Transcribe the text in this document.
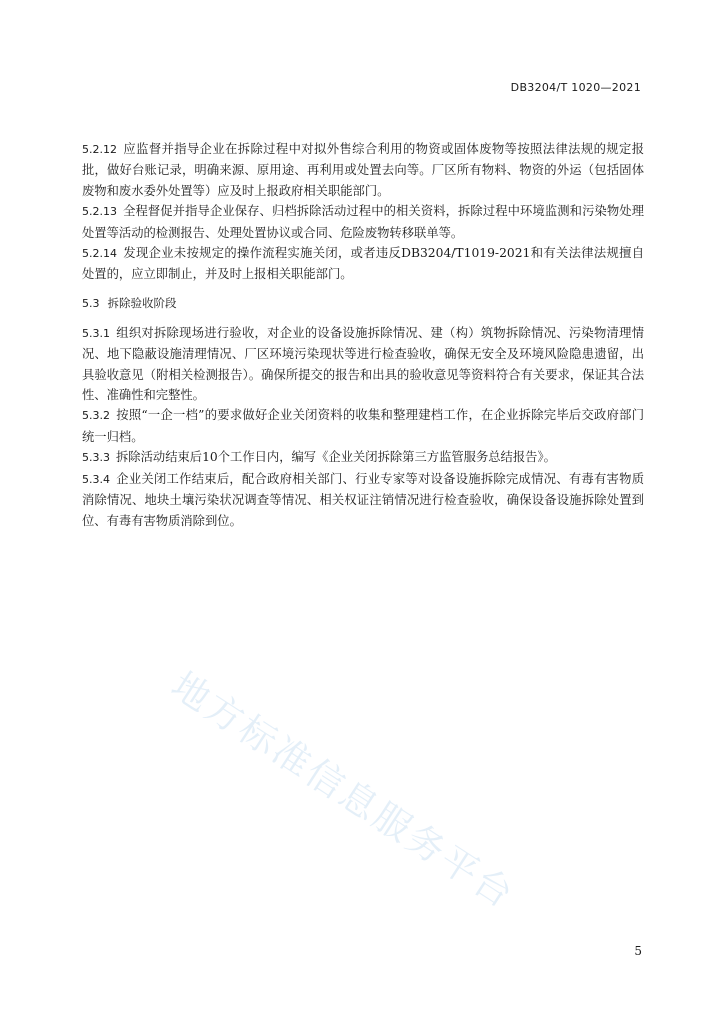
DB3204/T 1020—2021

5.2.12 应监督并指导企业在拆除过程中对拟外售综合利用的物资或固体废物等按照法律法规的规定报批，做好台账记录，明确来源、原用途、再利用或处置去向等。厂区所有物料、物资的外运（包括固体废物和废水委外处置等）应及时上报政府相关职能部门。

5.2.13 全程督促并指导企业保存、归档拆除活动过程中的相关资料，拆除过程中环境监测和污染物处理处置等活动的检测报告、处理处置协议或合同、危险废物转移联单等。

5.2.14 发现企业未按规定的操作流程实施关闭，或者违反DB3204/T1019-2021和有关法律法规擅自处置的，应立即制止，并及时上报相关职能部门。

5.3 拆除验收阶段

5.3.1 组织对拆除现场进行验收，对企业的设备设施拆除情况、建（构）筑物拆除情况、污染物清理情况、地下隐蔽设施清理情况、厂区环境污染现状等进行检查验收，确保无安全及环境风险隐患遗留，出具验收意见（附相关检测报告）。确保所提交的报告和出具的验收意见等资料符合有关要求，保证其合法性、准确性和完整性。

5.3.2 按照“一企一档”的要求做好企业关闭资料的收集和整理建档工作，在企业拆除完毕后交政府部门统一归档。

5.3.3 拆除活动结束后10个工作日内，编写《企业关闭拆除第三方监管服务总结报告》。

5.3.4 企业关闭工作结束后，配合政府相关部门、行业专家等对设备设施拆除完成情况、有毒有害物质消除情况、地块土壤污染状况调查等情况、相关权证注销情况进行检查验收，确保设备设施拆除处置到位、有毒有害物质消除到位。

地方标准信息服务平台
5
